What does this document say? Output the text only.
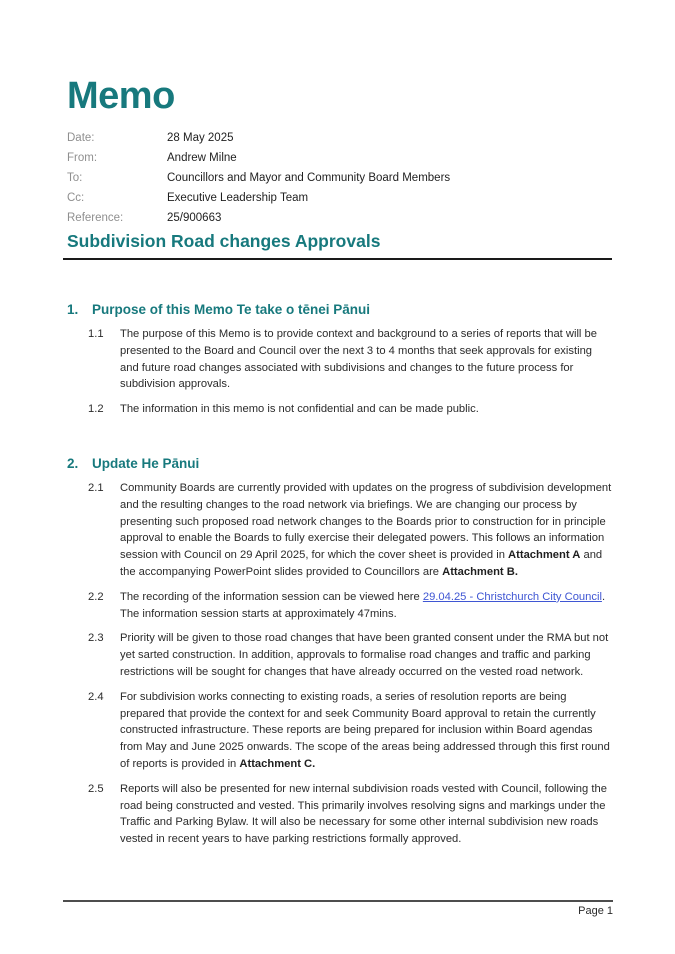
Memo
Date:	28 May 2025
From:	Andrew Milne
To:	Councillors and Mayor and Community Board Members
Cc:	Executive Leadership Team
Reference:	25/900663
Subdivision Road changes Approvals
1.	Purpose of this Memo Te take o tēnei Pānui
1.1	The purpose of this Memo is to provide context and background to a series of reports that will be presented to the Board and Council over the next 3 to 4 months that seek approvals for existing and future road changes associated with subdivisions and changes to the future process for subdivision approvals.

1.2	The information in this memo is not confidential and can be made public.

2.	Update He Pānui
2.1	Community Boards are currently provided with updates on the progress of subdivision development and the resulting changes to the road network via briefings. We are changing our process by presenting such proposed road network changes to the Boards prior to construction for in principle approval to enable the Boards to fully exercise their delegated powers. This follows an information session with Council on 29 April 2025, for which the cover sheet is provided in Attachment A and the accompanying PowerPoint slides provided to Councillors are Attachment B.

2.2	The recording of the information session can be viewed here 29.04.25 - Christchurch City Council. The information session starts at approximately 47mins.

2.3	Priority will be given to those road changes that have been granted consent under the RMA but not yet sarted construction. In addition, approvals to formalise road changes and traffic and parking restrictions will be sought for changes that have already occurred on the vested road network.

2.4	For subdivision works connecting to existing roads, a series of resolution reports are being prepared that provide the context for and seek Community Board approval to retain the currently constructed infrastructure. These reports are being prepared for inclusion within Board agendas from May and June 2025 onwards. The scope of the areas being addressed through this first round of reports is provided in Attachment C.

2.5	Reports will also be presented for new internal subdivision roads vested with Council, following the road being constructed and vested. This primarily involves resolving signs and markings under the Traffic and Parking Bylaw. It will also be necessary for some other internal subdivision new roads vested in recent years to have parking restrictions formally approved.

Page 1
